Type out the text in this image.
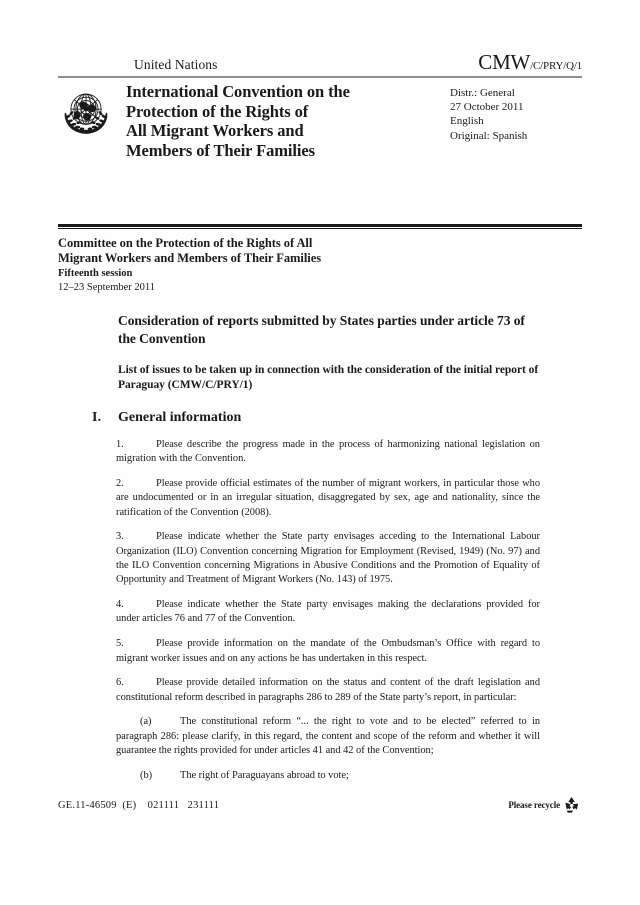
United Nations	CMW/C/PRY/Q/1
International Convention on the
Protection of the Rights of
All Migrant Workers and
Members of Their Families
Distr.: General
27 October 2011
English
Original: Spanish
Committee on the Protection of the Rights of All
Migrant Workers and Members of Their Families
Fifteenth session
12–23 September 2011
Consideration of reports submitted by States parties under article 73 of the Convention
List of issues to be taken up in connection with the consideration of the initial report of Paraguay (CMW/C/PRY/1)
I.	General information

1.	Please describe the progress made in the process of harmonizing national legislation on migration with the Convention.

2.	Please provide official estimates of the number of migrant workers, in particular those who are undocumented or in an irregular situation, disaggregated by sex, age and nationality, since the ratification of the Convention (2008).

3.	Please indicate whether the State party envisages acceding to the International Labour Organization (ILO) Convention concerning Migration for Employment (Revised, 1949) (No. 97) and the ILO Convention concerning Migrations in Abusive Conditions and the Promotion of Equality of Opportunity and Treatment of Migrant Workers (No. 143) of 1975.

4.	Please indicate whether the State party envisages making the declarations provided for under articles 76 and 77 of the Convention.

5.	Please provide information on the mandate of the Ombudsman’s Office with regard to migrant worker issues and on any actions he has undertaken in this respect.

6.	Please provide detailed information on the status and content of the draft legislation and constitutional reform described in paragraphs 286 to 289 of the State party’s report, in particular:

(a)	The constitutional reform “... the right to vote and to be elected” referred to in paragraph 286: please clarify, in this regard, the content and scope of the reform and whether it will guarantee the rights provided for under articles 41 and 42 of the Convention;

(b)	The right of Paraguayans abroad to vote;

GE.11-46509  (E)    021111   231111	Please recycle
